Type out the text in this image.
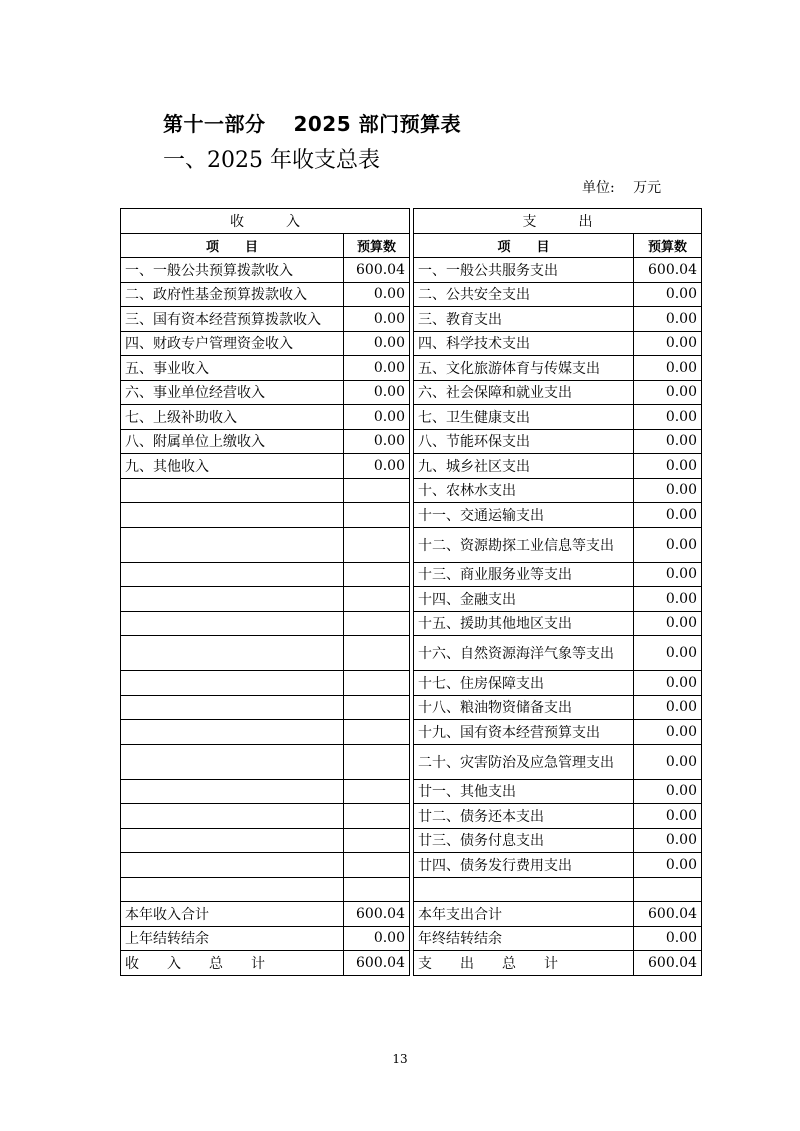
第十一部分　 2025 部门预算表
一、2025 年收支总表
单位:　 万元
收　　　入			支　　　出	
项　　目	预算数		项　　目	预算数
一、一般公共预算拨款收入	600.04		一、一般公共服务支出	600.04
二、政府性基金预算拨款收入	0.00		二、公共安全支出	0.00
三、国有资本经营预算拨款收入	0.00		三、教育支出	0.00
四、财政专户管理资金收入	0.00		四、科学技术支出	0.00
五、事业收入	0.00		五、文化旅游体育与传媒支出	0.00
六、事业单位经营收入	0.00		六、社会保障和就业支出	0.00
七、上级补助收入	0.00		七、卫生健康支出	0.00
八、附属单位上缴收入	0.00		八、节能环保支出	0.00
九、其他收入	0.00		九、城乡社区支出	0.00
			十、农林水支出	0.00
			十一、交通运输支出	0.00
			十二、资源勘探工业信息等支出	0.00
			十三、商业服务业等支出	0.00
			十四、金融支出	0.00
			十五、援助其他地区支出	0.00
			十六、自然资源海洋气象等支出	0.00
			十七、住房保障支出	0.00
			十八、粮油物资储备支出	0.00
			十九、国有资本经营预算支出	0.00
			二十、灾害防治及应急管理支出	0.00
			廿一、其他支出	0.00
			廿二、债务还本支出	0.00
			廿三、债务付息支出	0.00
			廿四、债务发行费用支出	0.00

本年收入合计	600.04		本年支出合计	600.04
上年结转结余	0.00		年终结转结余	0.00
收　　入　　总　　计	600.04		支　　出　　总　　计	600.04
13
